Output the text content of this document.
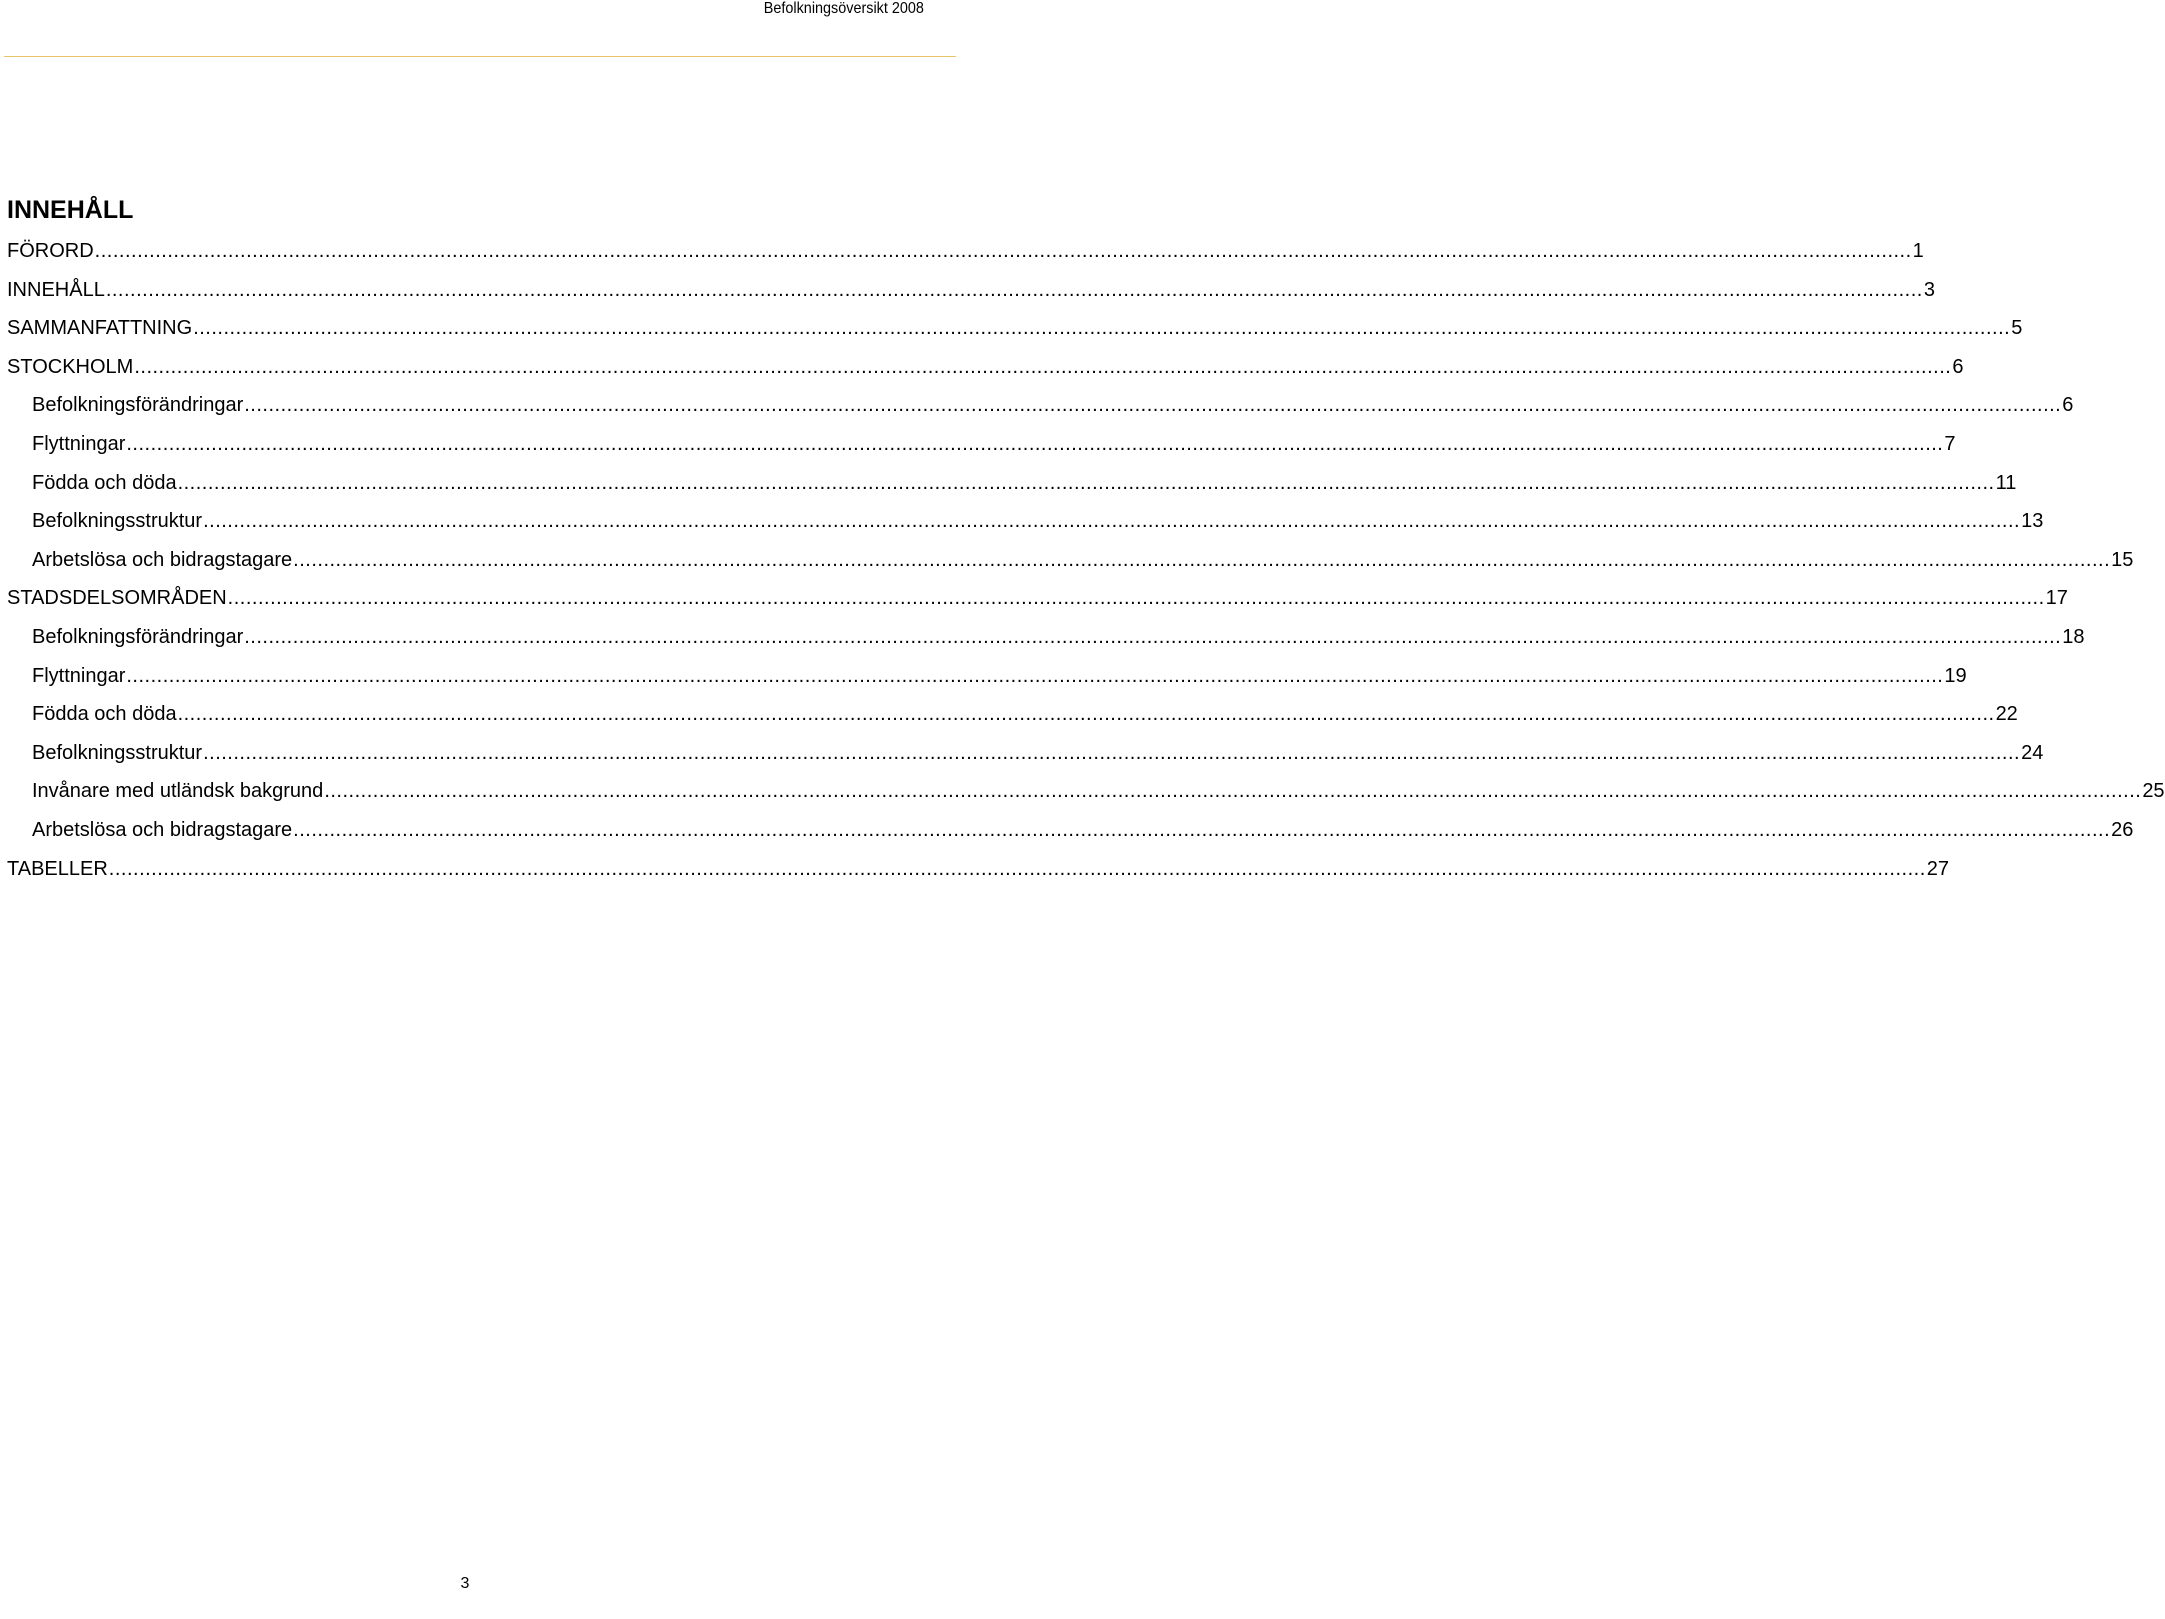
Befolkningsöversikt 2008
INNEHÅLL
FÖRORD ............................................................................................................................................................................................................................................................................................................ 1
INNEHÅLL ............................................................................................................................................................................................................................................................................................................ 3
SAMMANFATTNING ............................................................................................................................................................................................................................................................................................................ 5
STOCKHOLM ............................................................................................................................................................................................................................................................................................................ 6
Befolkningsförändringar ............................................................................................................................................................................................................................................................................................................ 6
Flyttningar ............................................................................................................................................................................................................................................................................................................ 7
Födda och döda ............................................................................................................................................................................................................................................................................................................ 11
Befolkningsstruktur ............................................................................................................................................................................................................................................................................................................ 13
Arbetslösa och bidragstagare ............................................................................................................................................................................................................................................................................................................ 15
STADSDELSOMRÅDEN ............................................................................................................................................................................................................................................................................................................ 17
Befolkningsförändringar ............................................................................................................................................................................................................................................................................................................ 18
Flyttningar ............................................................................................................................................................................................................................................................................................................ 19
Födda och döda ............................................................................................................................................................................................................................................................................................................ 22
Befolkningsstruktur ............................................................................................................................................................................................................................................................................................................ 24
Invånare med utländsk bakgrund ............................................................................................................................................................................................................................................................................................................ 25
Arbetslösa och bidragstagare ............................................................................................................................................................................................................................................................................................................ 26
TABELLER ............................................................................................................................................................................................................................................................................................................ 27
3
